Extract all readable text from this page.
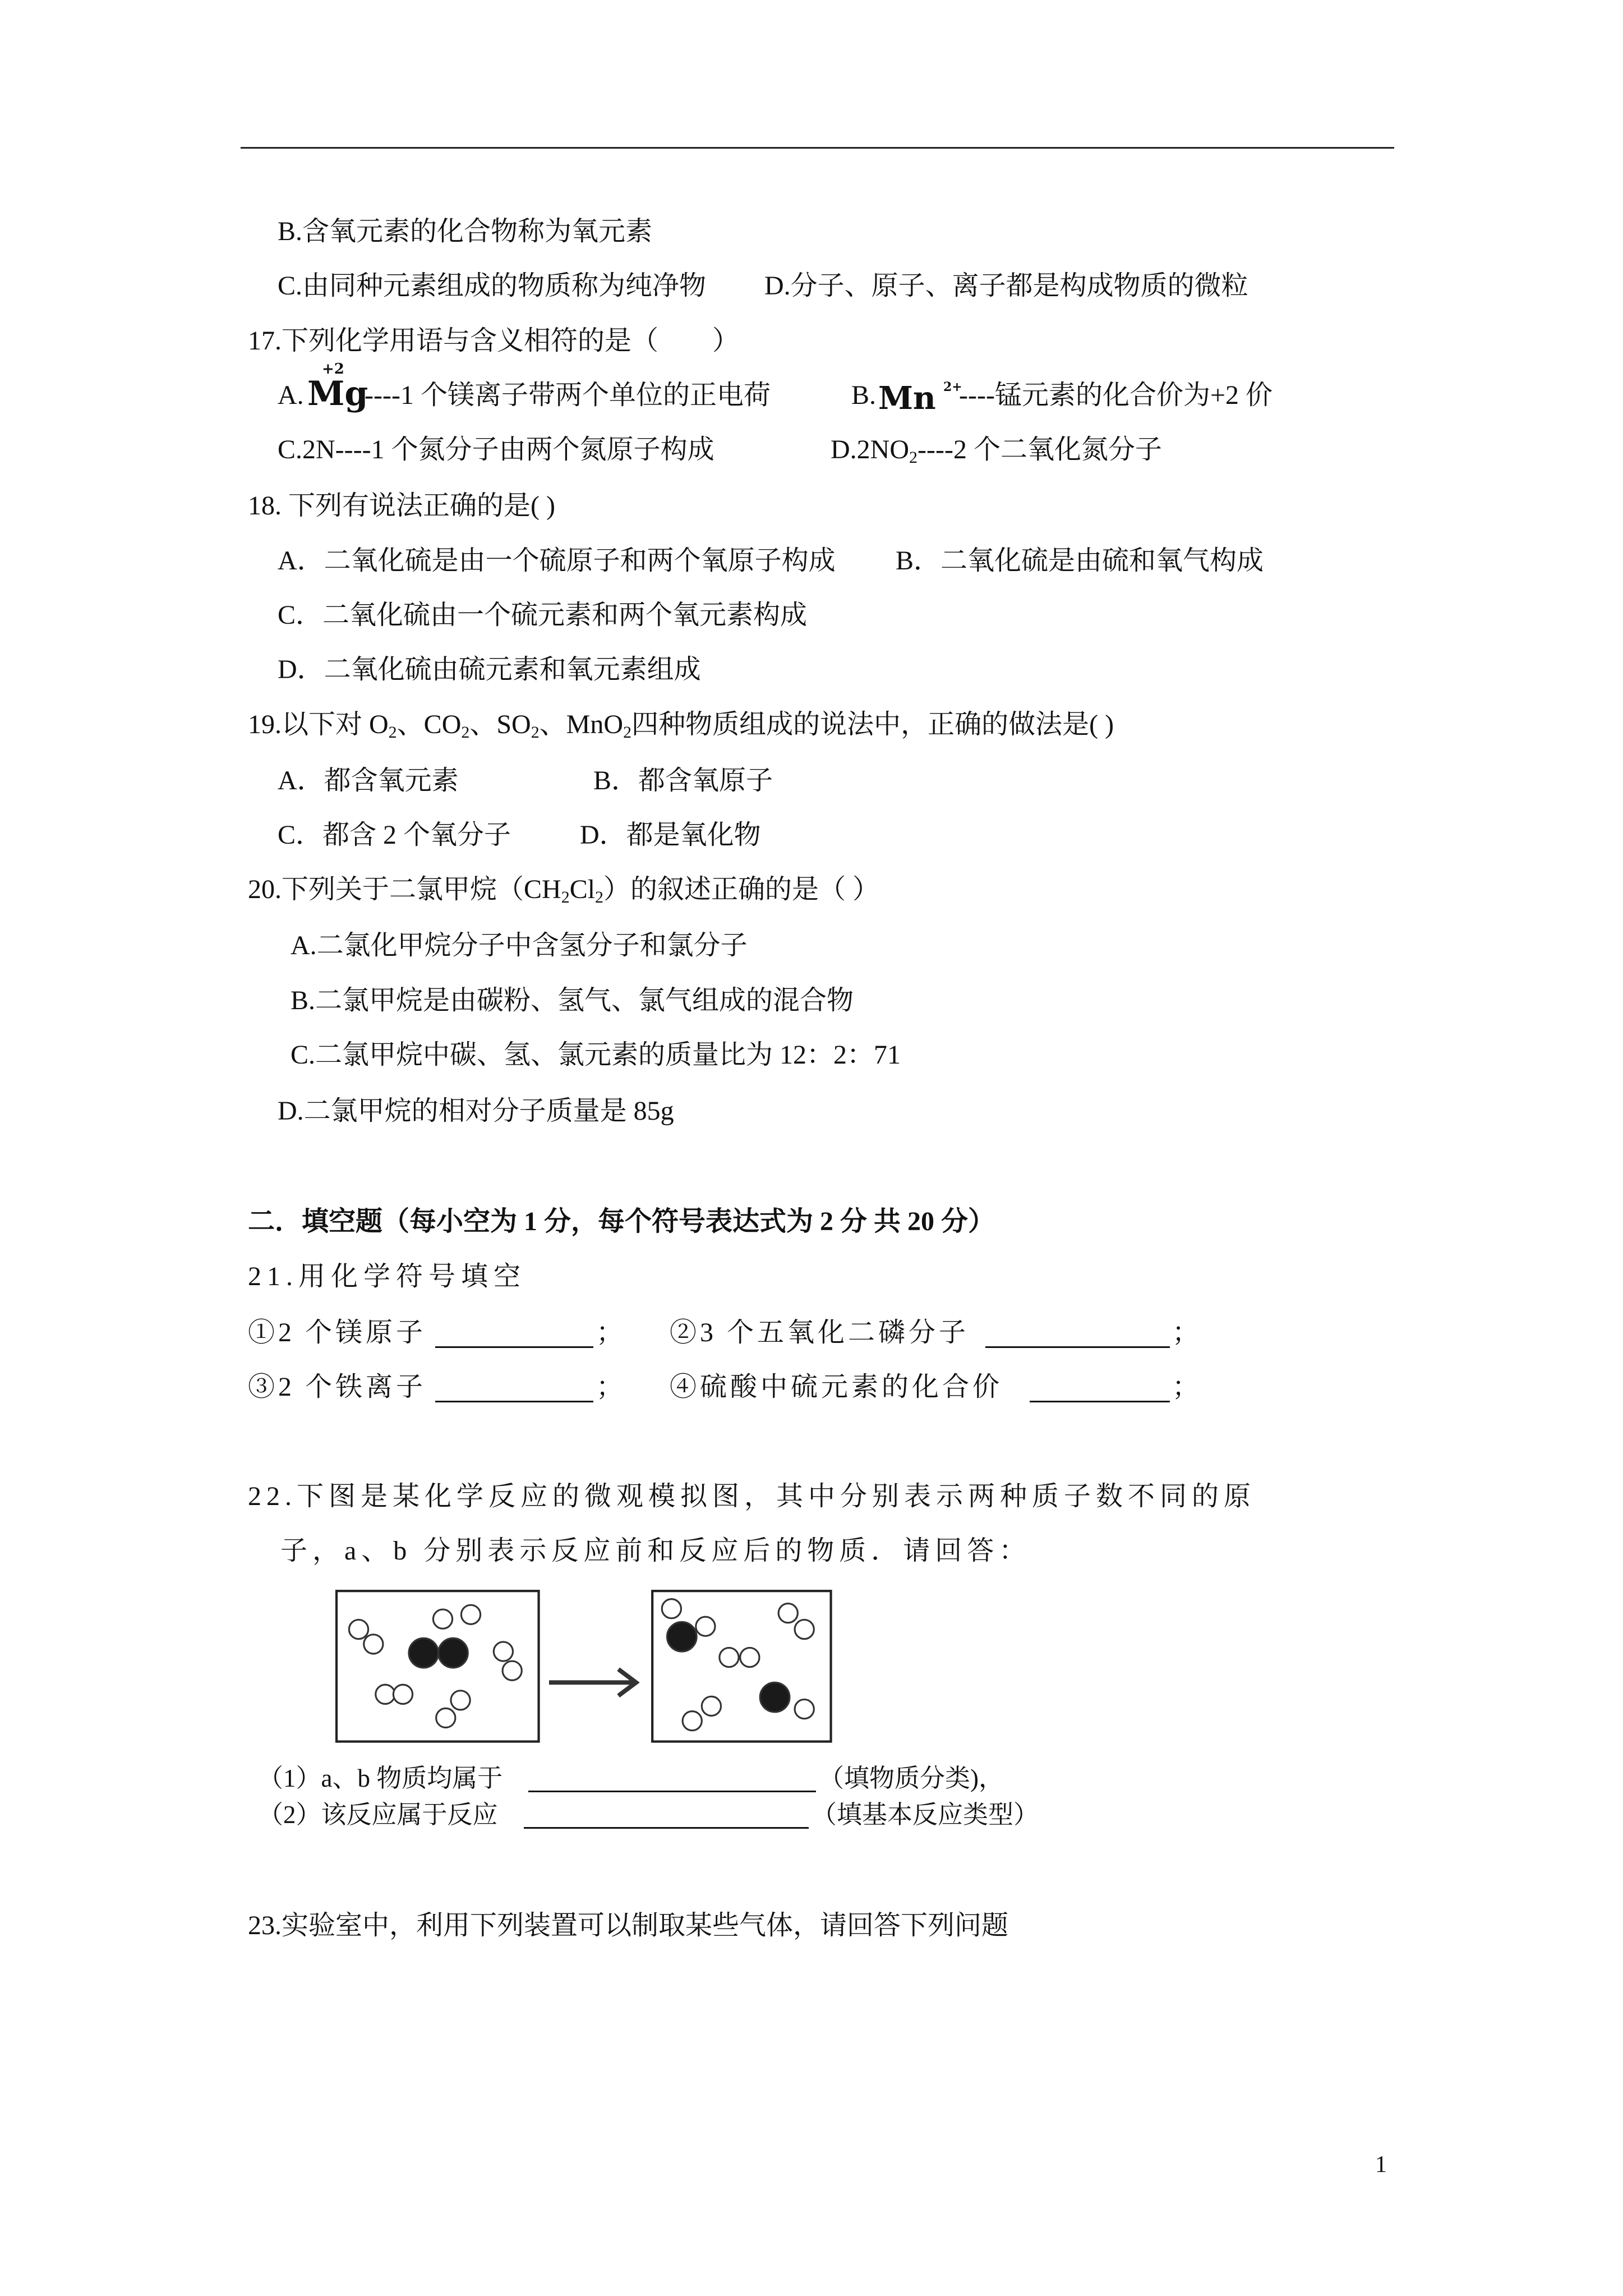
B.含氧元素的化合物称为氧元素
C.由同种元素组成的物质称为纯净物 D.分子、原子、离子都是构成物质的微粒
17.下列化学用语与含义相符的是（　　）
A.
+2
Mg
----1 个镁离子带两个单位的正电荷	B. Mn 2+
----锰元素的化合价为+2 价
C.2N----1 个氮分子由两个氮原子构成	$D.2NO_2----2$ 个二氧化氮分子
18. 下列有说法正确的是( )
A．二氧化硫是由一个硫原子和两个氧原子构成 B．二氧化硫是由硫和氧气构成
C．二氧化硫由一个硫元素和两个氧元素构成
D．二氧化硫由硫元素和氧元素组成
19.以下对 $O_2$、$CO_2$、$SO_2$、MnO$_2$四种物质组成的说法中，正确的做法是( )
A．都含氧元素	B．都含氧原子
C．都含 2 个氧分子	D．都是氧化物
20.下列关于二氯甲烷$(CH_2Cl_2)$的叙述正确的是（ ）
A.二氯化甲烷分子中含氢分子和氯分子
B.二氯甲烷是由碳粉、氢气、氯气组成的混合物
C.二氯甲烷中碳、氢、氯元素的质量比为 12：2：71
D.二氯甲烷的相对分子质量是 85g
二．填空题（每小空为 1 分，每个符号表达式为 2 分 共 20 分）
21.用化学符号填空
①2 个镁原子	； ②3 个五氧化二磷分子	；
③2 个铁离子	； ④硫酸中硫元素的化合价	；
22.下图是某化学反应的微观模拟图，其中分别表示两种质子数不同的原
子，a、b 分别表示反应前和反应后的物质．请回答：
（1）a、b 物质均属于	（填物质分类)，
（2）该反应属于反应	（填基本反应类型）
23.实验室中，利用下列装置可以制取某些气体，请回答下列问题
1
